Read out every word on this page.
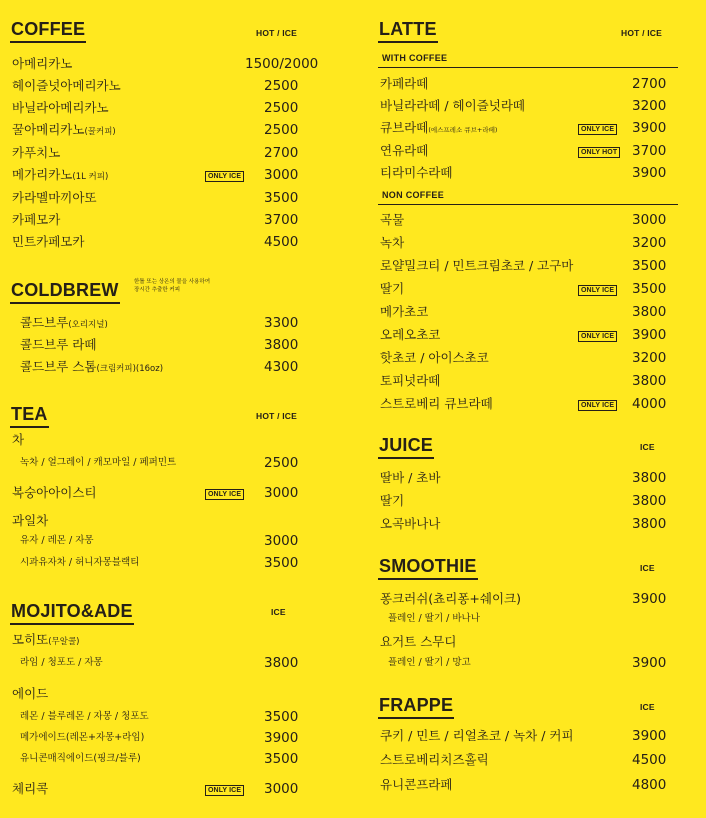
COFFEE	HOT / ICE
아메리카노	1500/2000
헤이즐넛아메리카노	2500
바닐라아메리카노	2500
꿀아메리카노(꿀커피)	2500
카푸치노	2700
메가리카노(1L 커피)	ONLY ICE 3000
카라멜마끼아또	3500
카페모카	3700
민트카페모카	4500
COLDBREW	한톨 또는 상온의 물을 사용하여
장시간 추출한 커피
콜드브루(오리지널)	3300
콜드브루 라떼	3800
콜드브루 스톰(크림커피)(16oz)	4300
TEA	HOT / ICE
차
녹차 / 얼그레이 / 캐모마일 / 페퍼민트	2500
복숭아아이스티	ONLY ICE 3000
과일차
유자 / 레몬 / 자몽	3000
시과유자차 / 허니자몽블랙티	3500
MOJITO&ADE	ICE
모히또(무알콜)
라임 / 청포도 / 자몽	3800
에이드
레몬 / 블루레몬 / 자몽 / 청포도	3500
메가에이드(레몬+자몽+라임)	3900
유니콘매직에이드(핑크/블루)	3500
체리콕	ONLY ICE 3000
LATTE	HOT / ICE
WITH COFFEE
카페라떼	2700
바닐라라떼 / 헤이즐넛라떼	3200
큐브라떼(에스프레소 큐브+라떼)	ONLY ICE 3900
연유라떼	ONLY HOT 3700
티라미수라떼	3900
NON COFFEE
곡물	3000
녹차	3200
로얄밀크티 / 민트크림초코 / 고구마	3500
딸기	ONLY ICE 3500
메가초코	3800
오레오초코	ONLY ICE 3900
핫초코 / 아이스초코	3200
토피넛라떼	3800
스트로베리 큐브라떼	ONLY ICE 4000
JUICE	ICE
딸바 / 초바	3800
딸기	3800
오곡바나나	3800
SMOOTHIE	ICE
퐁크러쉬(쵸리퐁+쉐이크)	3900
플레인 / 딸기 / 바나나
요거트 스무디
플레인 / 딸기 / 망고	3900
FRAPPE	ICE
쿠키 / 민트 / 리얼초코 / 녹차 / 커피	3900
스트로베리치즈홀릭	4500
유니콘프라페	4800
